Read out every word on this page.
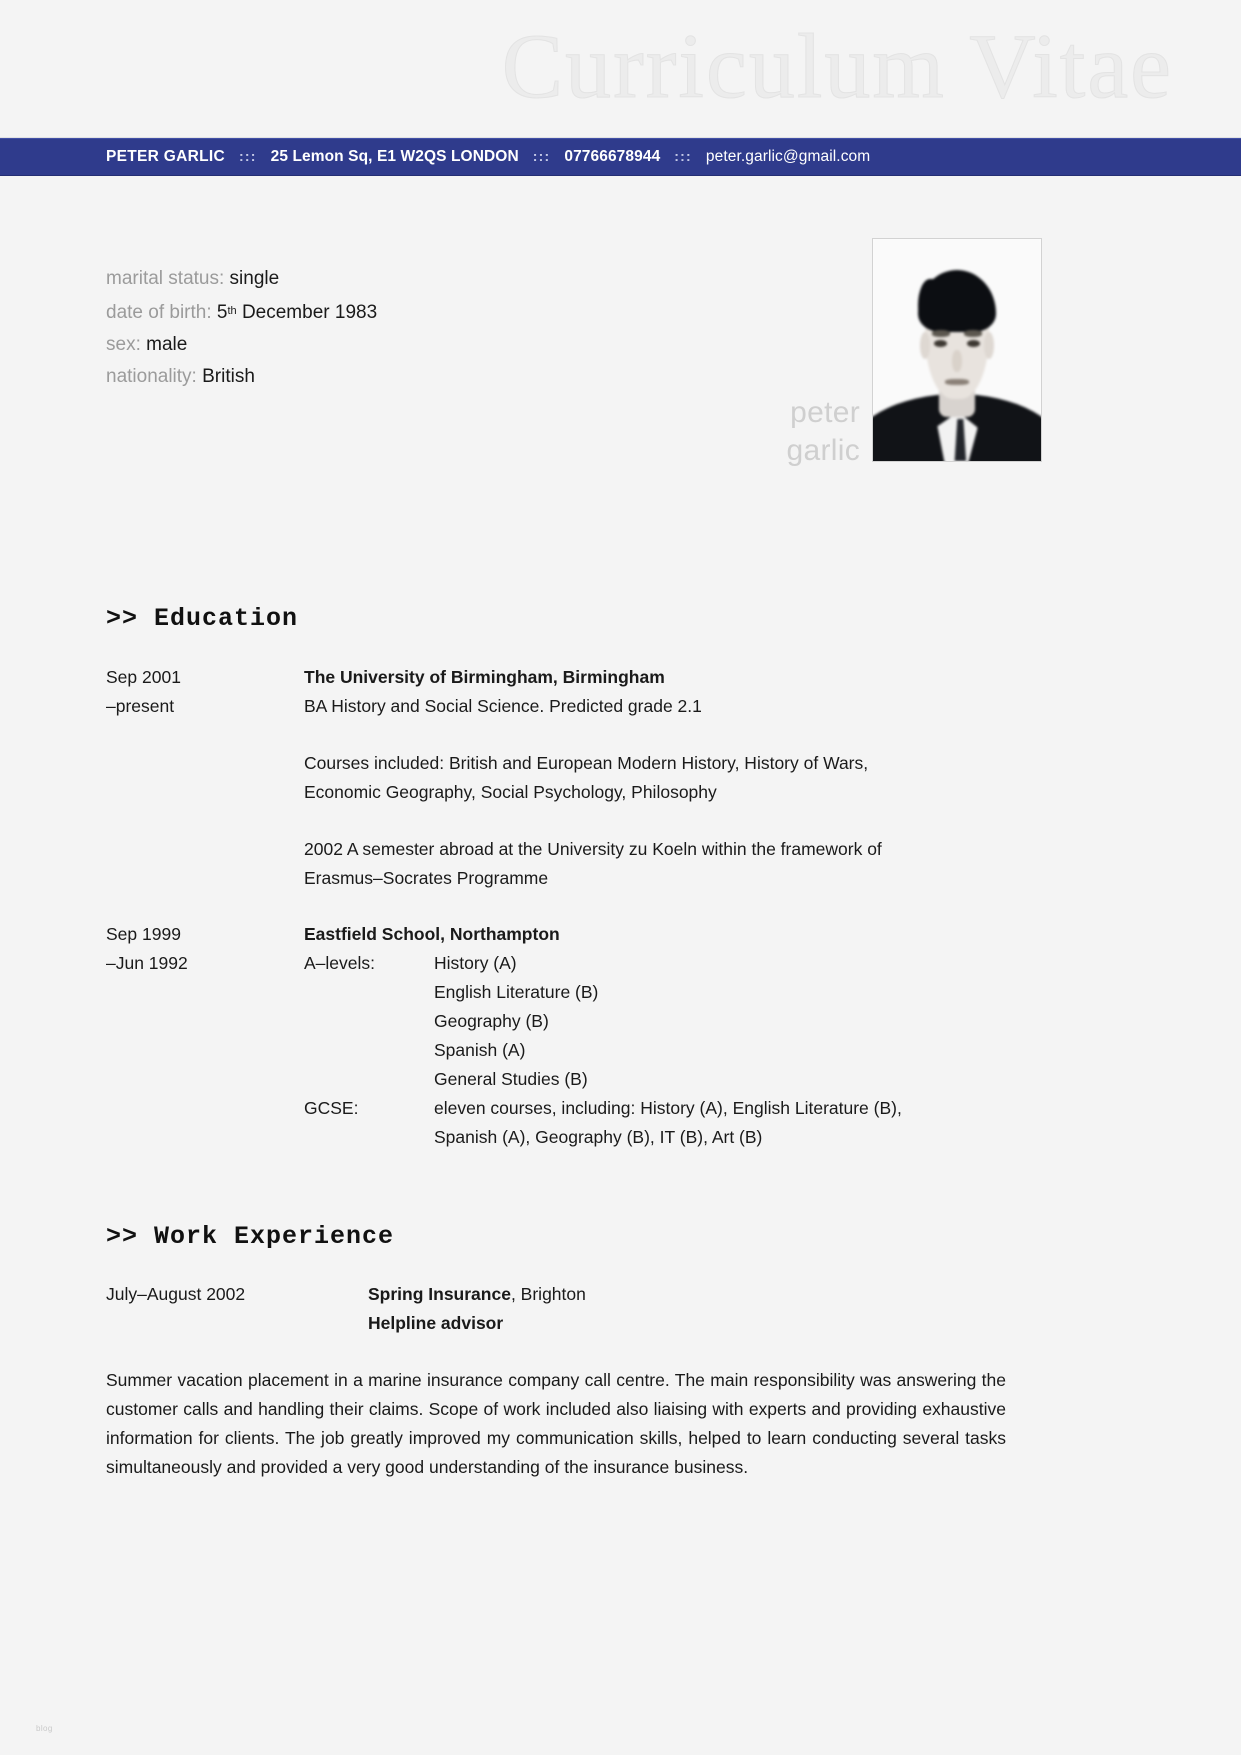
Curriculum Vitae
PETER GARLIC	::: 25 Lemon Sq, E1 W2QS LONDON	::: 07766678944	::: peter.garlic@gmail.com
marital status: single
date of birth: 5th December 1983
sex: male
nationality: British
peter
garlic
>> Education
Sep 2001
–present
The University of Birmingham, Birmingham
BA History and Social Science. Predicted grade 2.1
Courses included: British and European Modern History, History of Wars,
Economic Geography, Social Psychology, Philosophy
2002 A semester abroad at the University zu Koeln within the framework of
Erasmus–Socrates Programme
Sep 1999
–Jun 1992
Eastfield School, Northampton
A–levels:	History (A)
English Literature (B)
Geography (B)
Spanish (A)
General Studies (B)
GCSE:	eleven courses, including: History (A), English Literature (B),
Spanish (A), Geography (B), IT (B), Art (B)
>> Work Experience
July–August 2002	Spring Insurance, Brighton
Helpline advisor
Summer vacation placement in a marine insurance company call centre. The main responsibility was answering the customer calls and handling their claims. Scope of work included also liaising with experts and providing exhaustive information for clients. The job greatly improved my communication skills, helped to learn conducting several tasks simultaneously and provided a very good understanding of the insurance business.
blog
